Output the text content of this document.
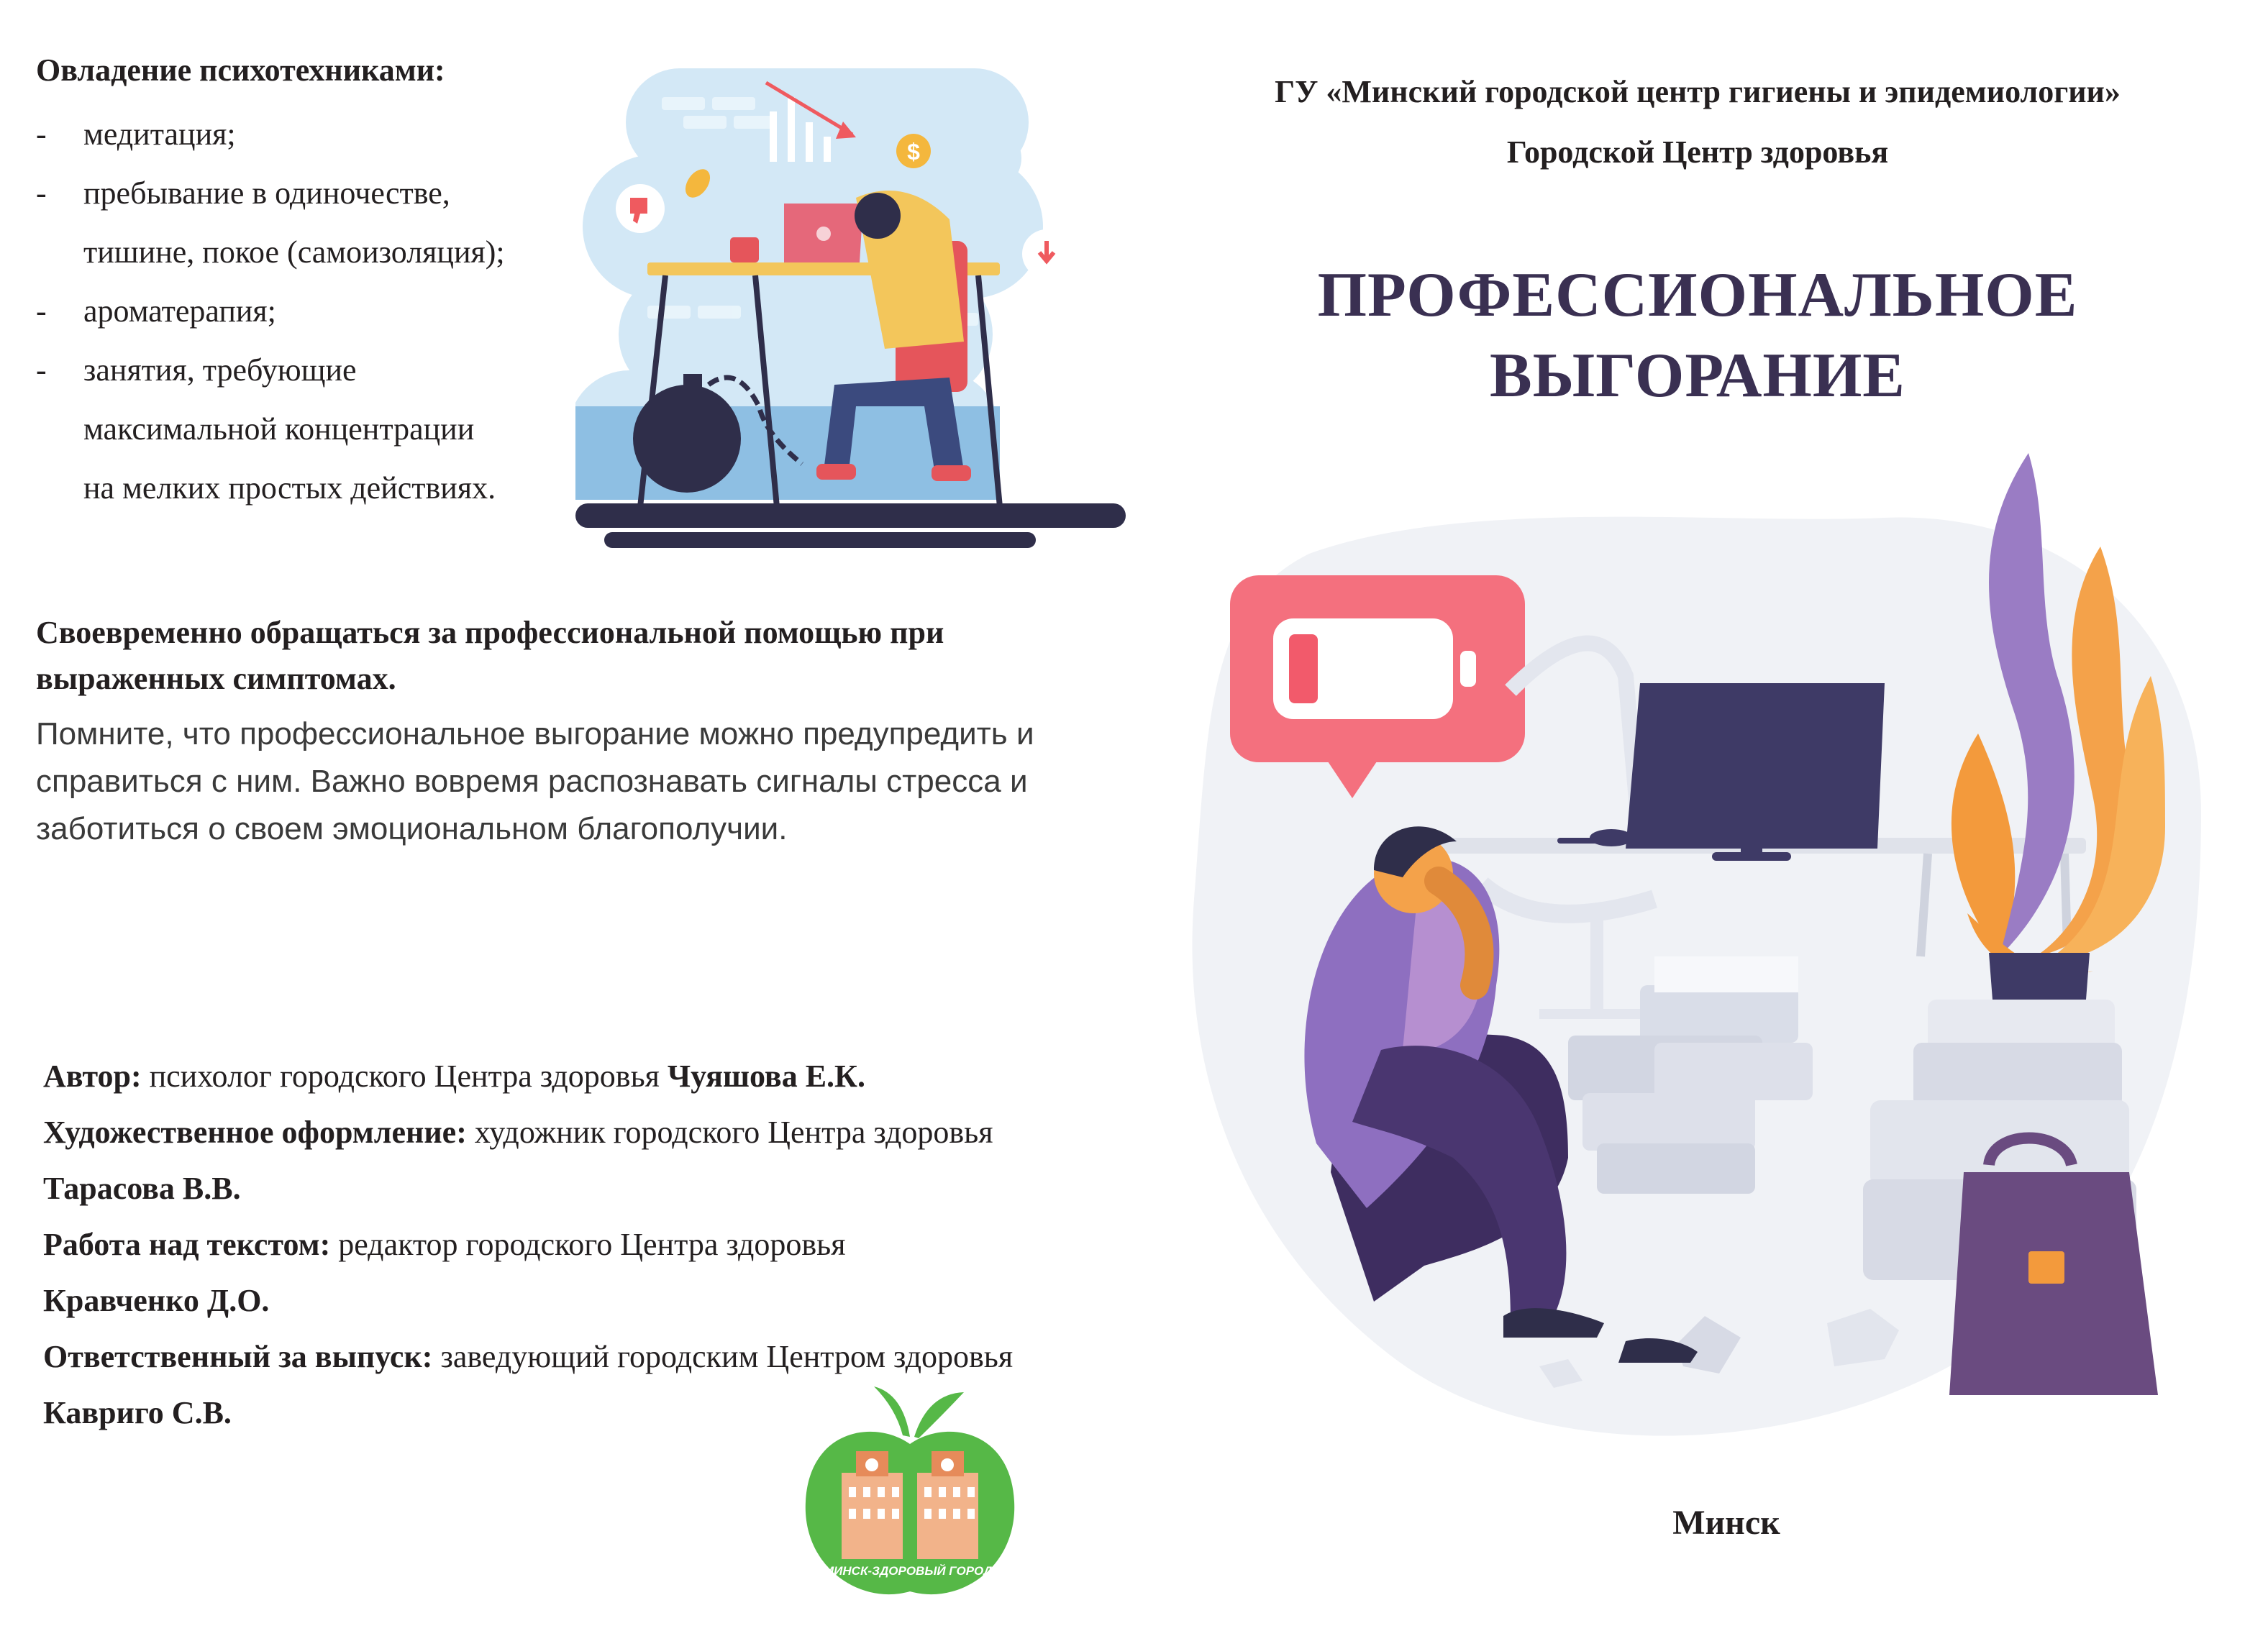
Овладение психотехниками:
- медитация;
- пребывание в одиночестве,
тишине, покое (самоизоляция);
- ароматерапия;
- занятия, требующие
максимальной концентрации
на мелких простых действиях.
$
Своевременно обращаться за профессиональной помощью при выраженных симптомах.
Помните, что профессиональное выгорание можно предупредить и справиться с ним. Важно вовремя распознавать сигналы стресса и заботиться о своем эмоциональном благополучии.
Автор: психолог городского Центра здоровья Чуяшова Е.К.
Художественное оформление: художник городского Центра здоровья
Тарасова В.В.
Работа над текстом: редактор городского Центра здоровья
Кравченко Д.О.
Ответственный за выпуск: заведующий городским Центром здоровья
Кавриго С.В.
МИНСК-ЗДОРОВЫЙ ГОРОД!
ГУ «Минский городской центр гигиены и эпидемиологии»
Городской Центр здоровья
ПРОФЕССИОНАЛЬНОЕ
ВЫГОРАНИЕ
Минск
